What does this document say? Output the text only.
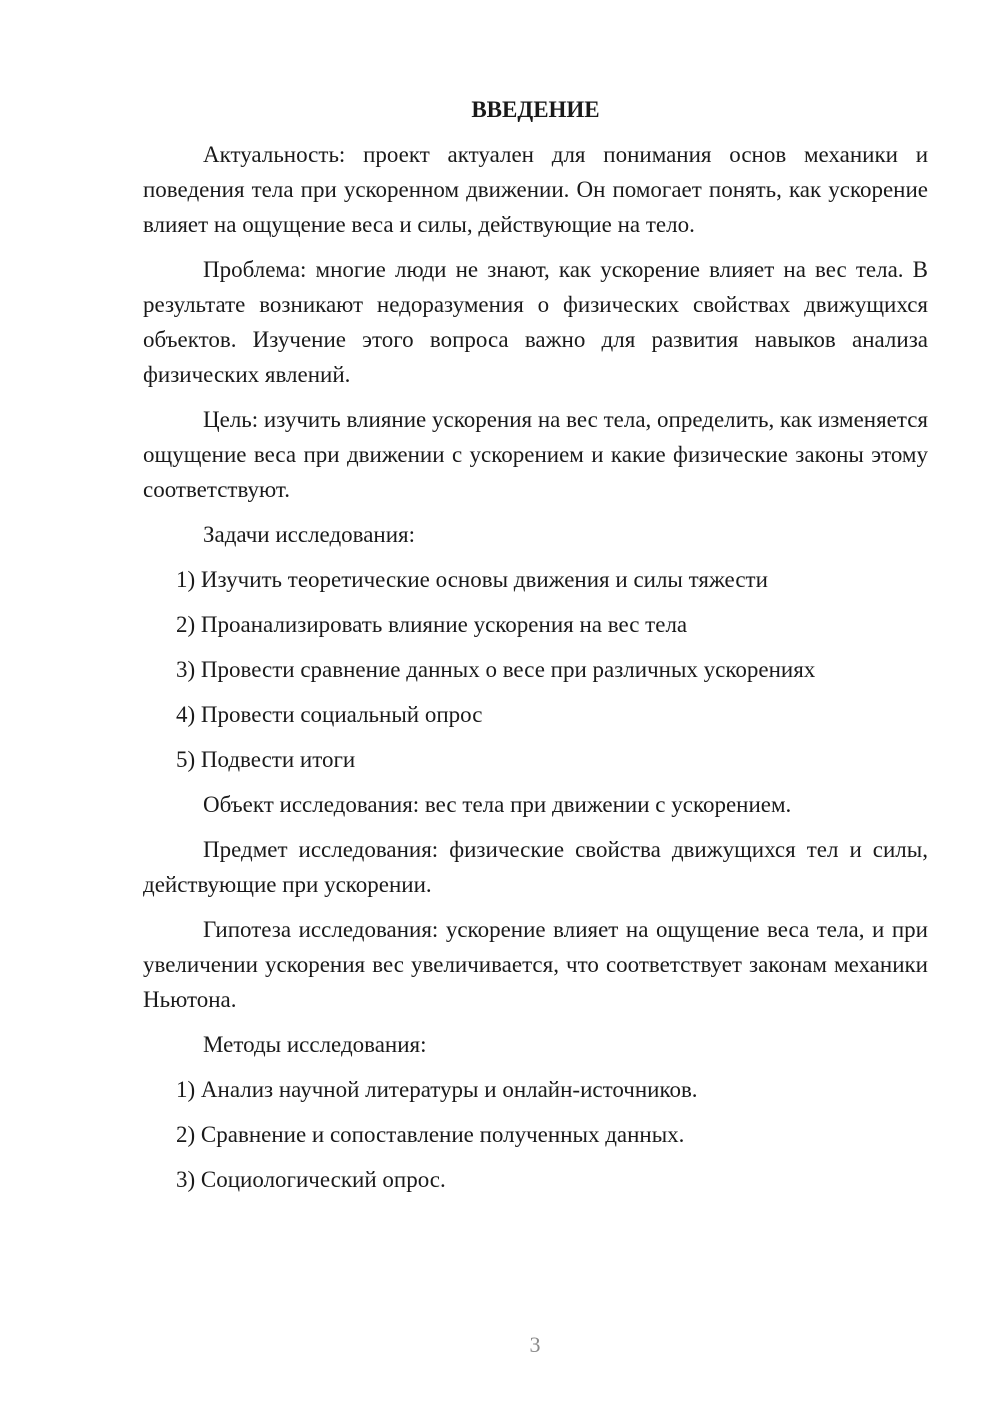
ВВЕДЕНИЕ

Актуальность: проект актуален для понимания основ механики и поведения тела при ускоренном движении. Он помогает понять, как ускорение влияет на ощущение веса и силы, действующие на тело.

Проблема: многие люди не знают, как ускорение влияет на вес тела. В результате возникают недоразумения о физических свойствах движущихся объектов. Изучение этого вопроса важно для развития навыков анализа физических явлений.

Цель: изучить влияние ускорения на вес тела, определить, как изменяется ощущение веса при движении с ускорением и какие физические законы этому соответствуют.

Задачи исследования:

1) Изучить теоретические основы движения и силы тяжести
2) Проанализировать влияние ускорения на вес тела
3) Провести сравнение данных о весе при различных ускорениях
4) Провести социальный опрос
5) Подвести итоги

Объект исследования: вес тела при движении с ускорением.

Предмет исследования: физические свойства движущихся тел и силы, действующие при ускорении.

Гипотеза исследования: ускорение влияет на ощущение веса тела, и при увеличении ускорения вес увеличивается, что соответствует законам механики Ньютона.

Методы исследования:

1) Анализ научной литературы и онлайн-источников.
2) Сравнение и сопоставление полученных данных.
3) Социологический опрос.
3
